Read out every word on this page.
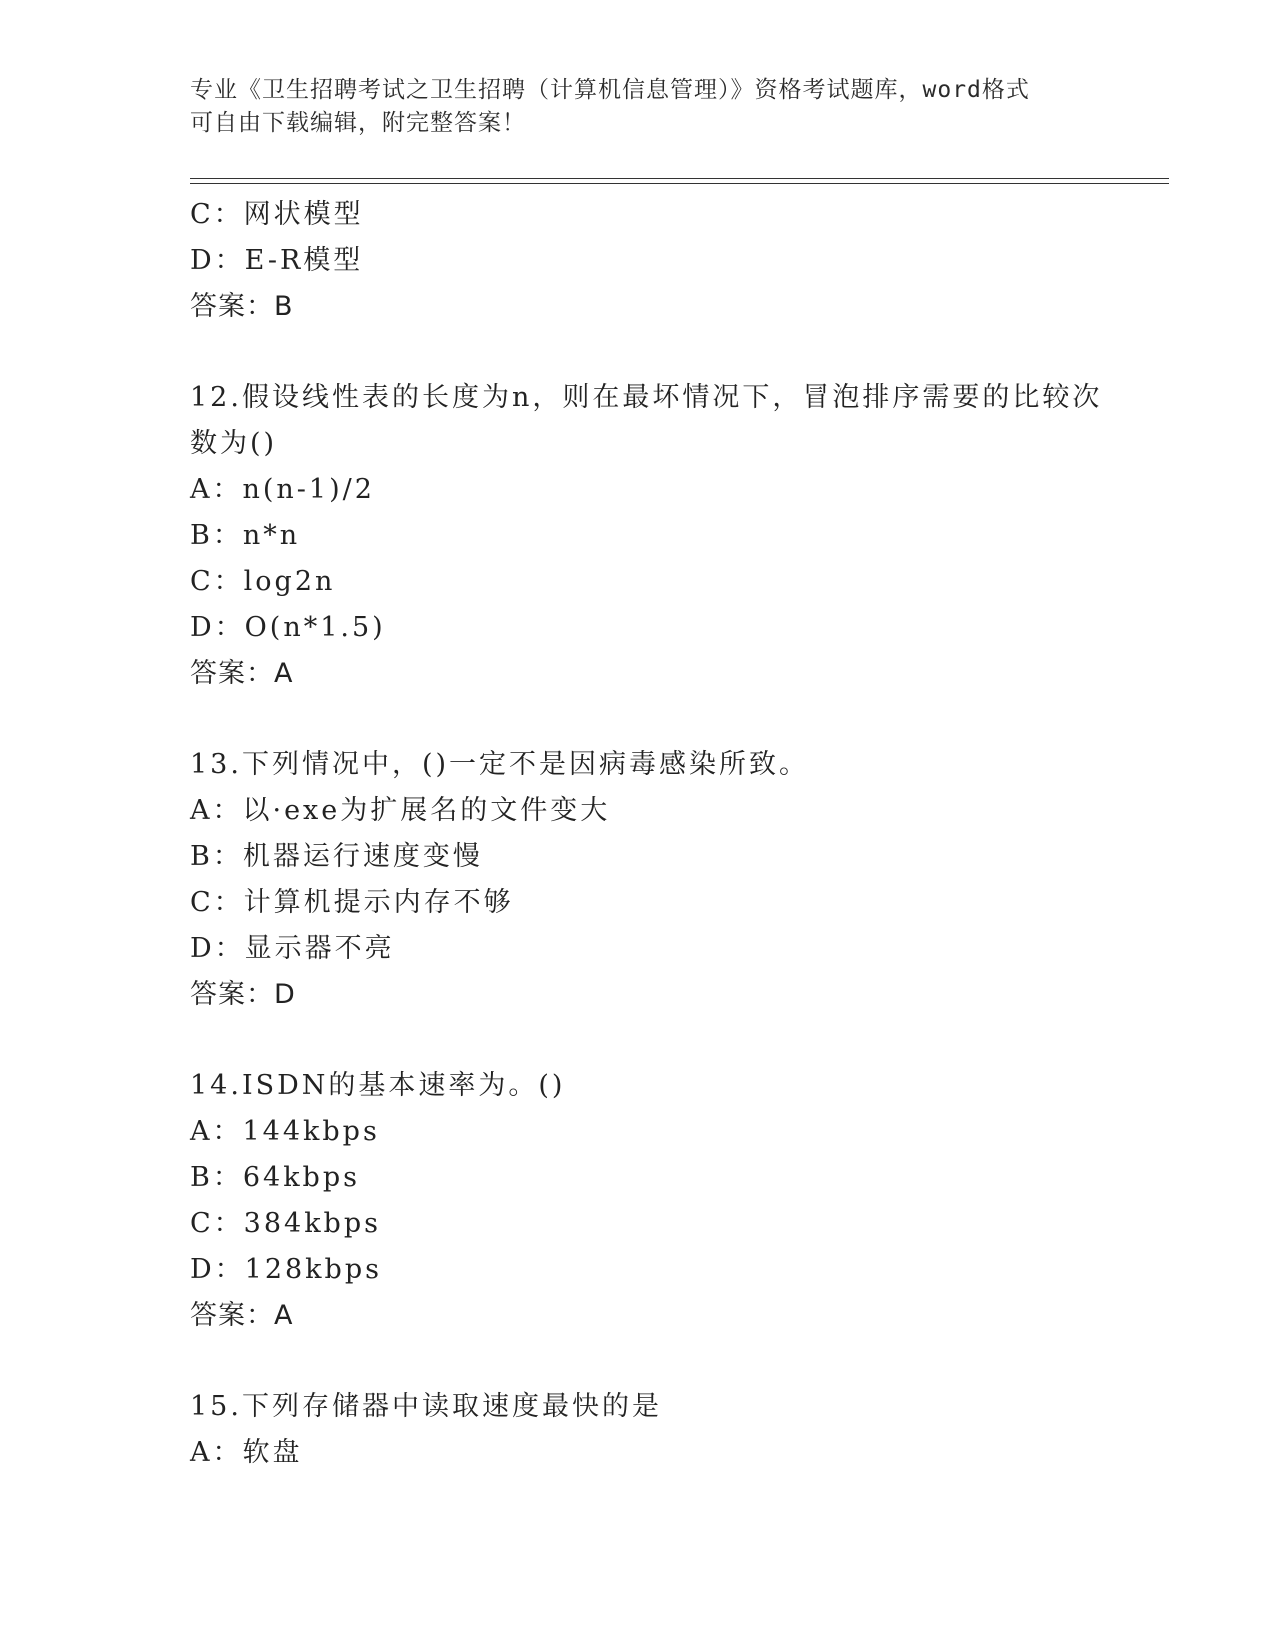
专业《卫生招聘考试之卫生招聘（计算机信息管理）》资格考试题库，word格式
可自由下载编辑，附完整答案！
C：网状模型
D：E-R模型
答案：B
12.假设线性表的长度为n，则在最坏情况下，冒泡排序需要的比较次
数为()
A：n(n-1)/2
B：n*n
C：log2n
D：O(n*1.5)
答案：A
13.下列情况中，()一定不是因病毒感染所致。
A：以·exe为扩展名的文件变大
B：机器运行速度变慢
C：计算机提示内存不够
D：显示器不亮
答案：D
14.ISDN的基本速率为。()
A：144kbps
B：64kbps
C：384kbps
D：128kbps
答案：A
15.下列存储器中读取速度最快的是
A：软盘
